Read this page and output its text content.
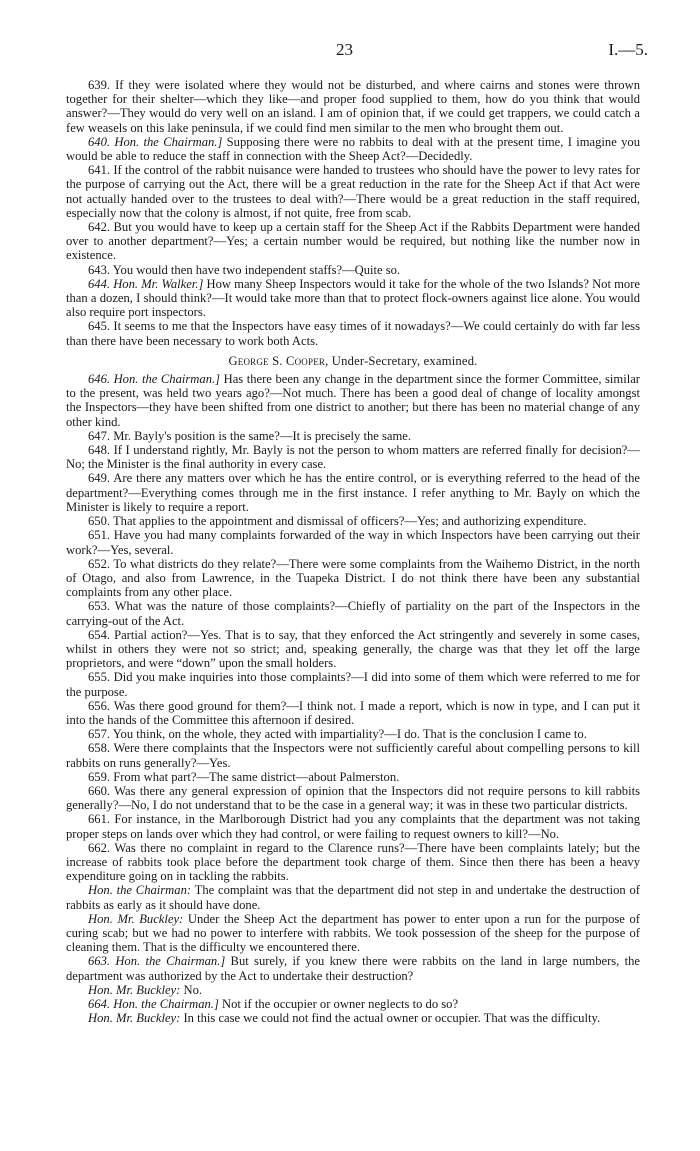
23	I.—5.

639. If they were isolated where they would not be disturbed, and where cairns and stones were thrown together for their shelter—which they like—and proper food supplied to them, how do you think that would answer?—They would do very well on an island. I am of opinion that, if we could get trappers, we could catch a few weasels on this lake peninsula, if we could find men similar to the men who brought them out.

640. Hon. the Chairman.] Supposing there were no rabbits to deal with at the present time, I imagine you would be able to reduce the staff in connection with the Sheep Act?—Decidedly.

641. If the control of the rabbit nuisance were handed to trustees who should have the power to levy rates for the purpose of carrying out the Act, there will be a great reduction in the rate for the Sheep Act if that Act were not actually handed over to the trustees to deal with?—There would be a great reduction in the staff required, especially now that the colony is almost, if not quite, free from scab.

642. But you would have to keep up a certain staff for the Sheep Act if the Rabbits Department were handed over to another department?—Yes; a certain number would be required, but nothing like the number now in existence.

643. You would then have two independent staffs?—Quite so.

644. Hon. Mr. Walker.] How many Sheep Inspectors would it take for the whole of the two Islands? Not more than a dozen, I should think?—It would take more than that to protect flock-owners against lice alone. You would also require port inspectors.

645. It seems to me that the Inspectors have easy times of it nowadays?—We could certainly do with far less than there have been necessary to work both Acts.

George S. Cooper, Under-Secretary, examined.

646. Hon. the Chairman.] Has there been any change in the department since the former Committee, similar to the present, was held two years ago?—Not much. There has been a good deal of change of locality amongst the Inspectors—they have been shifted from one district to another; but there has been no material change of any other kind.

647. Mr. Bayly's position is the same?—It is precisely the same.

648. If I understand rightly, Mr. Bayly is not the person to whom matters are referred finally for decision?—No; the Minister is the final authority in every case.

649. Are there any matters over which he has the entire control, or is everything referred to the head of the department?—Everything comes through me in the first instance. I refer anything to Mr. Bayly on which the Minister is likely to require a report.

650. That applies to the appointment and dismissal of officers?—Yes; and authorizing expenditure.

651. Have you had many complaints forwarded of the way in which Inspectors have been carrying out their work?—Yes, several.

652. To what districts do they relate?—There were some complaints from the Waihemo District, in the north of Otago, and also from Lawrence, in the Tuapeka District. I do not think there have been any substantial complaints from any other place.

653. What was the nature of those complaints?—Chiefly of partiality on the part of the Inspectors in the carrying-out of the Act.

654. Partial action?—Yes. That is to say, that they enforced the Act stringently and severely in some cases, whilst in others they were not so strict; and, speaking generally, the charge was that they let off the large proprietors, and were “down” upon the small holders.

655. Did you make inquiries into those complaints?—I did into some of them which were referred to me for the purpose.

656. Was there good ground for them?—I think not. I made a report, which is now in type, and I can put it into the hands of the Committee this afternoon if desired.

657. You think, on the whole, they acted with impartiality?—I do. That is the conclusion I came to.

658. Were there complaints that the Inspectors were not sufficiently careful about compelling persons to kill rabbits on runs generally?—Yes.

659. From what part?—The same district—about Palmerston.

660. Was there any general expression of opinion that the Inspectors did not require persons to kill rabbits generally?—No, I do not understand that to be the case in a general way; it was in these two particular districts.

661. For instance, in the Marlborough District had you any complaints that the department was not taking proper steps on lands over which they had control, or were failing to request owners to kill?—No.

662. Was there no complaint in regard to the Clarence runs?—There have been complaints lately; but the increase of rabbits took place before the department took charge of them. Since then there has been a heavy expenditure going on in tackling the rabbits.

Hon. the Chairman: The complaint was that the department did not step in and undertake the destruction of rabbits as early as it should have done.

Hon. Mr. Buckley: Under the Sheep Act the department has power to enter upon a run for the purpose of curing scab; but we had no power to interfere with rabbits. We took possession of the sheep for the purpose of cleaning them. That is the difficulty we encountered there.

663. Hon. the Chairman.] But surely, if you knew there were rabbits on the land in large numbers, the department was authorized by the Act to undertake their destruction?

Hon. Mr. Buckley: No.

664. Hon. the Chairman.] Not if the occupier or owner neglects to do so?

Hon. Mr. Buckley: In this case we could not find the actual owner or occupier. That was the difficulty.
